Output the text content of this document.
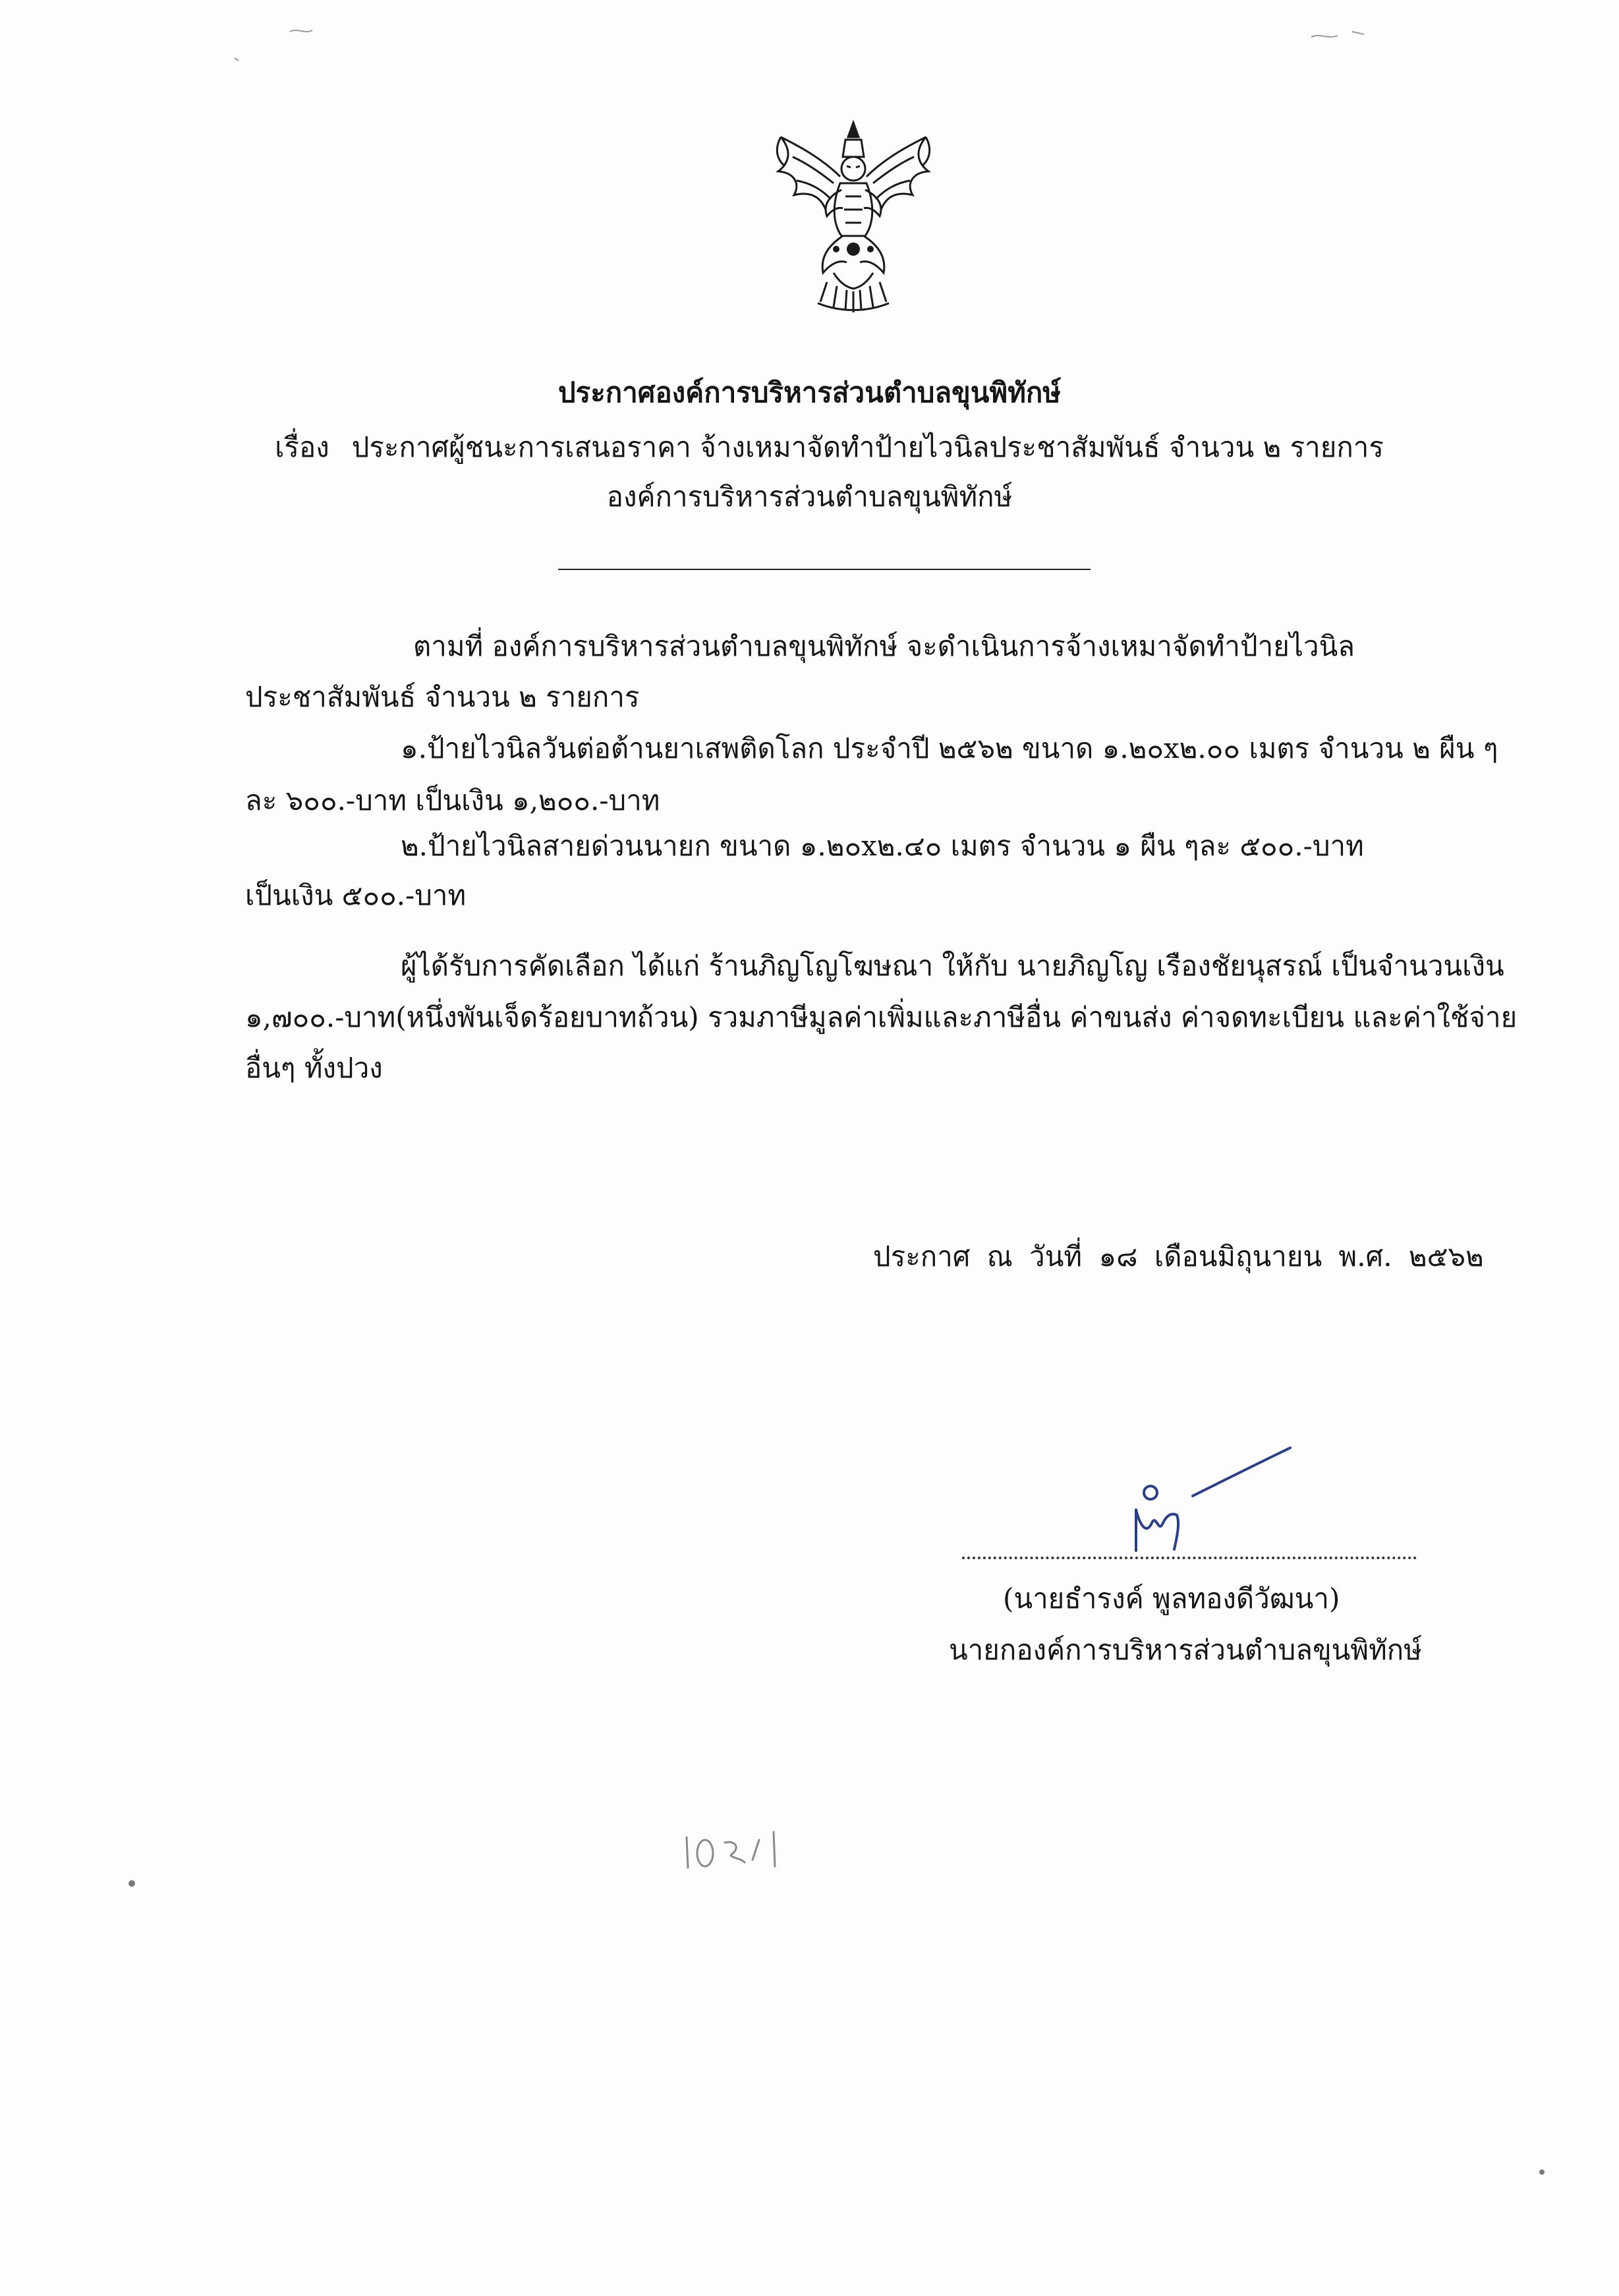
ประกาศองค์การบริหารส่วนตำบลขุนพิทักษ์
เรื่อง ประกาศผู้ชนะการเสนอราคา จ้างเหมาจัดทำป้ายไวนิลประชาสัมพันธ์ จำนวน ๒ รายการ
องค์การบริหารส่วนตำบลขุนพิทักษ์
ตามที่ องค์การบริหารส่วนตำบลขุนพิทักษ์ จะดำเนินการจ้างเหมาจัดทำป้ายไวนิล
ประชาสัมพันธ์ จำนวน ๒ รายการ
๑.ป้ายไวนิลวันต่อต้านยาเสพติดโลก ประจำปี ๒๕๖๒ ขนาด ๑.๒๐x๒.๐๐ เมตร จำนวน ๒ ผืน ๆ
ละ ๖๐๐.-บาท เป็นเงิน ๑,๒๐๐.-บาท
๒.ป้ายไวนิลสายด่วนนายก ขนาด ๑.๒๐x๒.๔๐ เมตร จำนวน ๑ ผืน ๆละ ๕๐๐.-บาท
เป็นเงิน ๕๐๐.-บาท
ผู้ได้รับการคัดเลือก ได้แก่ ร้านภิญโญโฆษณา ให้กับ นายภิญโญ เรืองชัยนุสรณ์ เป็นจำนวนเงิน
๑,๗๐๐.-บาท(หนึ่งพันเจ็ดร้อยบาทถ้วน) รวมภาษีมูลค่าเพิ่มและภาษีอื่น ค่าขนส่ง ค่าจดทะเบียน และค่าใช้จ่าย
อื่นๆ ทั้งปวง
ประกาศ ณ วันที่ ๑๘ เดือนมิถุนายน พ.ศ. ๒๕๖๒
(นายธำรงค์ พูลทองดีวัฒนา)
นายกองค์การบริหารส่วนตำบลขุนพิทักษ์
